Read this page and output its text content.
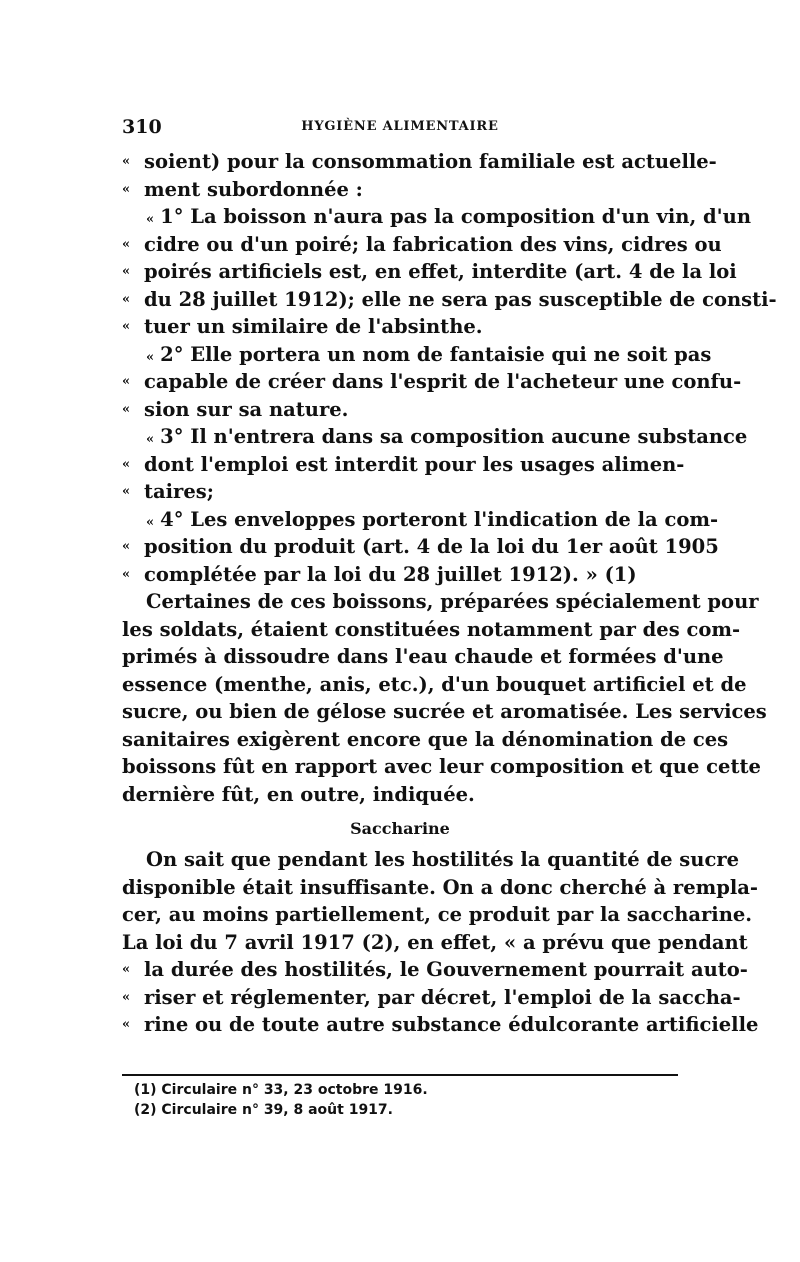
310	HYGIÈNE ALIMENTAIRE
« soient) pour la consommation familiale est actuelle-
« ment subordonnée :
« 1° La boisson n'aura pas la composition d'un vin, d'un
« cidre ou d'un poiré; la fabrication des vins, cidres ou
« poirés artificiels est, en effet, interdite (art. 4 de la loi
« du 28 juillet 1912); elle ne sera pas susceptible de consti-
« tuer un similaire de l'absinthe.
« 2° Elle portera un nom de fantaisie qui ne soit pas
« capable de créer dans l'esprit de l'acheteur une confu-
« sion sur sa nature.
« 3° Il n'entrera dans sa composition aucune substance
« dont l'emploi est interdit pour les usages alimen-
« taires;
« 4° Les enveloppes porteront l'indication de la com-
« position du produit (art. 4 de la loi du 1er août 1905
« complétée par la loi du 28 juillet 1912). » (1)
Certaines de ces boissons, préparées spécialement pour
les soldats, étaient constituées notamment par des com-
primés à dissoudre dans l'eau chaude et formées d'une
essence (menthe, anis, etc.), d'un bouquet artificiel et de
sucre, ou bien de gélose sucrée et aromatisée. Les services
sanitaires exigèrent encore que la dénomination de ces
boissons fût en rapport avec leur composition et que cette
dernière fût, en outre, indiquée.
Saccharine
On sait que pendant les hostilités la quantité de sucre
disponible était insuffisante. On a donc cherché à rempla-
cer, au moins partiellement, ce produit par la saccharine.
La loi du 7 avril 1917 (2), en effet, « a prévu que pendant
« la durée des hostilités, le Gouvernement pourrait auto-
« riser et réglementer, par décret, l'emploi de la saccha-
« rine ou de toute autre substance édulcorante artificielle
(1) Circulaire n° 33, 23 octobre 1916.
(2) Circulaire n° 39, 8 août 1917.
